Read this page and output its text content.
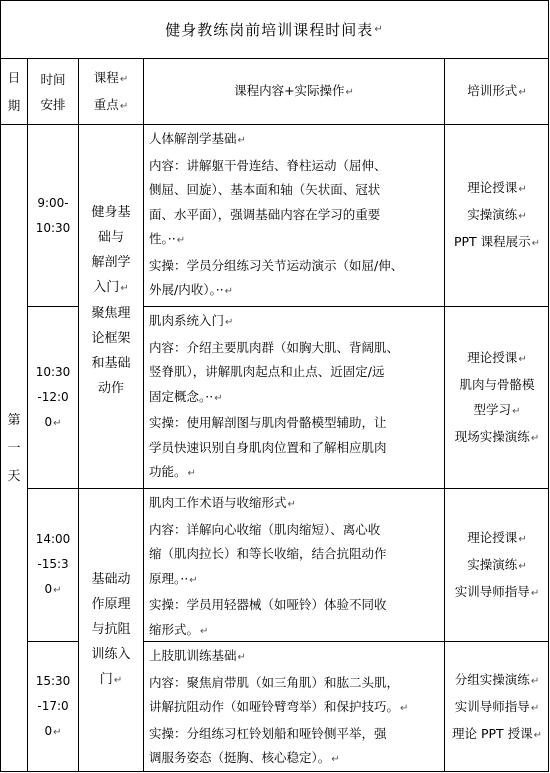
健身教练岗前培训课程时间表 ↵
日
期
时间
安排
课程↵
重点↵
课程内容+实际操作↵	培训形式↵
第
一
天
9:00-
10:30
健身基
础与
解剖学
入门↵
聚焦理
论框架
和基础
动作
人体解剖学基础↵
内容：讲解躯干骨连结、脊柱运动（屈伸、
侧屈、回旋）、基本面和轴（矢状面、冠状
面、水平面），强调基础内容在学习的重要
性。··↵
实操：学员分组练习关节运动演示（如屈/伸、
外展/内收）。··↵
理论授课↵
实操演练↵
PPT 课程展示↵
10:30
-12:0
0↵
肌肉系统入门↵
内容：介绍主要肌肉群（如胸大肌、背阔肌、
竖脊肌），讲解肌肉起点和止点、近固定/远
固定概念。··↵
实操：使用解剖图与肌肉骨骼模型辅助，让
学员快速识别自身肌肉位置和了解相应肌肉
功能。↵
理论授课↵
肌肉与骨骼模
型学习↵
现场实操演练↵
14:00
-15:3
0↵
基础动
作原理
与抗阻
训练入
门↵
肌肉工作术语与收缩形式↵
内容：详解向心收缩（肌肉缩短）、离心收
缩（肌肉拉长）和等长收缩，结合抗阻动作
原理。··↵
实操：学员用轻器械（如哑铃）体验不同收
缩形式。↵
理论授课↵
实操演练↵
实训导师指导↵
15:30
-17:0
0↵
上肢肌训练基础↵
内容：聚焦肩带肌（如三角肌）和肱二头肌，
讲解抗阻动作（如哑铃臂弯举）和保护技巧。↵
实操：分组练习杠铃划船和哑铃侧平举，强
调服务姿态（挺胸、核心稳定）。↵
分组实操演练↵
实训导师指导↵
理论 PPT 授课↵
